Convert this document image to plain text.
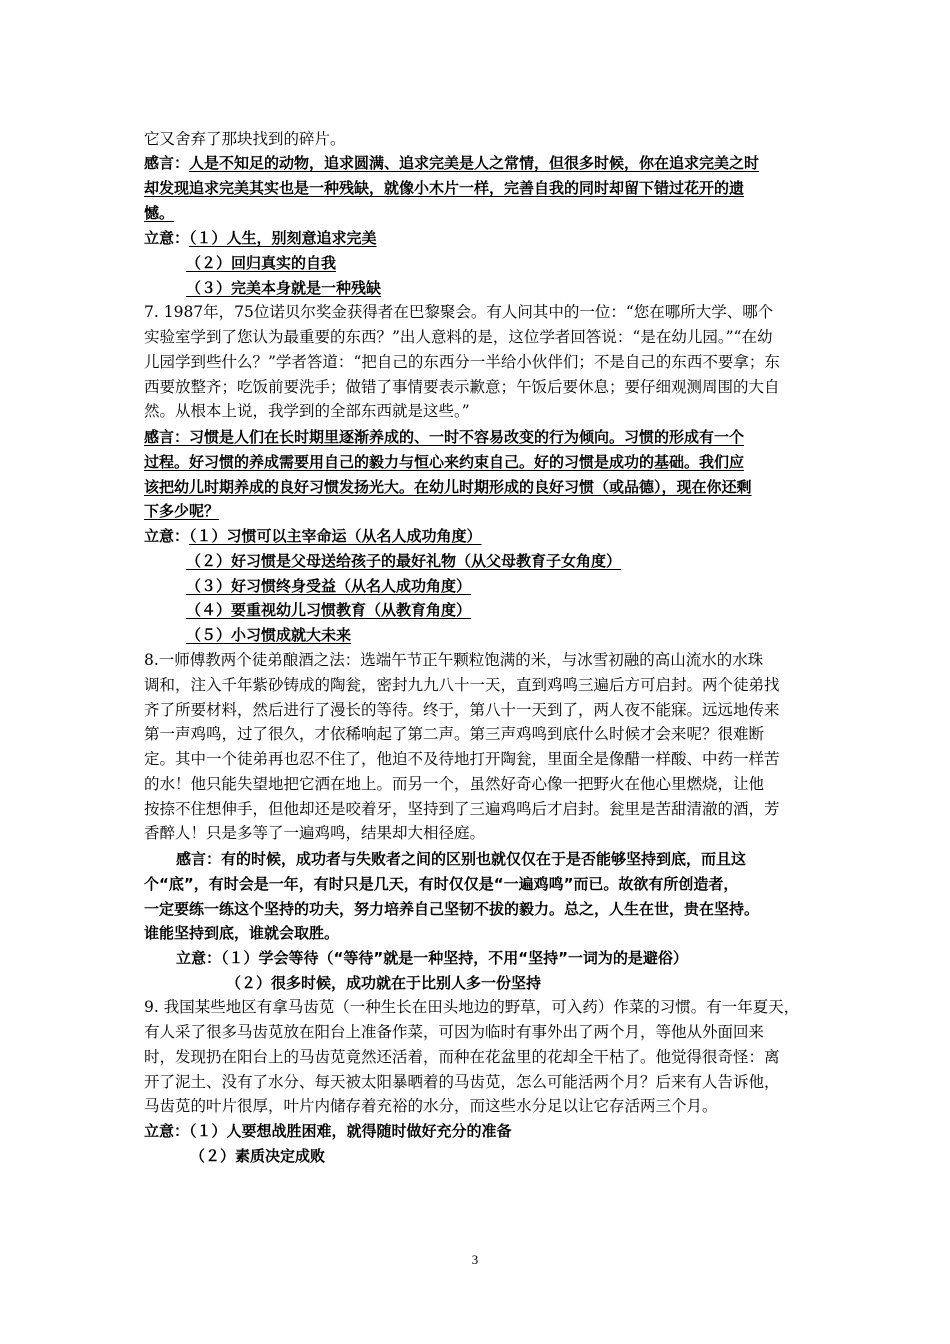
它又舍弃了那块找到的碎片。
感言：人是不知足的动物，追求圆满、追求完美是人之常情，但很多时候，你在追求完美之时
却发现追求完美其实也是一种残缺，就像小木片一样，完善自我的同时却留下错过花开的遗
憾。
立意：（１）人生，别刻意追求完美
（２）回归真实的自我
（３）完美本身就是一种残缺
7. 1987年，75位诺贝尔奖金获得者在巴黎聚会。有人问其中的一位：“您在哪所大学、哪个
实验室学到了您认为最重要的东西？”出人意料的是，这位学者回答说：“是在幼儿园。”“在幼
儿园学到些什么？”学者答道：“把自己的东西分一半给小伙伴们；不是自己的东西不要拿；东
西要放整齐；吃饭前要洗手；做错了事情要表示歉意；午饭后要休息；要仔细观测周围的大自
然。从根本上说，我学到的全部东西就是这些。”
感言：习惯是人们在长时期里逐渐养成的、一时不容易改变的行为倾向。习惯的形成有一个
过程。好习惯的养成需要用自己的毅力与恒心来约束自己。好的习惯是成功的基础。我们应
该把幼儿时期养成的良好习惯发扬光大。在幼儿时期形成的良好习惯（或品德），现在你还剩
下多少呢？
立意：（１）习惯可以主宰命运（从名人成功角度）
（２）好习惯是父母送给孩子的最好礼物（从父母教育子女角度）
（３）好习惯终身受益（从名人成功角度）
（４）要重视幼儿习惯教育（从教育角度）
（５）小习惯成就大未来
8.一师傅教两个徒弟酿酒之法：选端午节正午颗粒饱满的米，与冰雪初融的高山流水的水珠
调和，注入千年紫砂铸成的陶瓮，密封九九八十一天，直到鸡鸣三遍后方可启封。两个徒弟找
齐了所要材料，然后进行了漫长的等待。终于，第八十一天到了，两人夜不能寐。远远地传来
第一声鸡鸣，过了很久，才依稀响起了第二声。第三声鸡鸣到底什么时候才会来呢？很难断
定。其中一个徒弟再也忍不住了，他迫不及待地打开陶瓮，里面全是像醋一样酸、中药一样苦
的水！他只能失望地把它洒在地上。而另一个，虽然好奇心像一把野火在他心里燃烧，让他
按捺不住想伸手，但他却还是咬着牙，坚持到了三遍鸡鸣后才启封。瓮里是苦甜清澈的酒，芳
香醉人！只是多等了一遍鸡鸣，结果却大相径庭。
感言：有的时候，成功者与失败者之间的区别也就仅仅在于是否能够坚持到底，而且这
个“底”，有时会是一年，有时只是几天，有时仅仅是“一遍鸡鸣”而已。故欲有所创造者，
一定要练一练这个坚持的功夫，努力培养自己坚韧不拔的毅力。总之，人生在世，贵在坚持。
谁能坚持到底，谁就会取胜。
立意：（１）学会等待（“等待”就是一种坚持，不用“坚持”一词为的是避俗）
（２）很多时候，成功就在于比别人多一份坚持
9. 我国某些地区有拿马齿苋（一种生长在田头地边的野草，可入药）作菜的习惯。有一年夏天，
有人采了很多马齿苋放在阳台上准备作菜，可因为临时有事外出了两个月，等他从外面回来
时，发现扔在阳台上的马齿苋竟然还活着，而种在花盆里的花却全干枯了。他觉得很奇怪：离
开了泥土、没有了水分、每天被太阳暴晒着的马齿苋，怎么可能活两个月？后来有人告诉他，
马齿苋的叶片很厚，叶片内储存着充裕的水分，而这些水分足以让它存活两三个月。
立意：（１）人要想战胜困难，就得随时做好充分的准备
（２）素质决定成败
3
